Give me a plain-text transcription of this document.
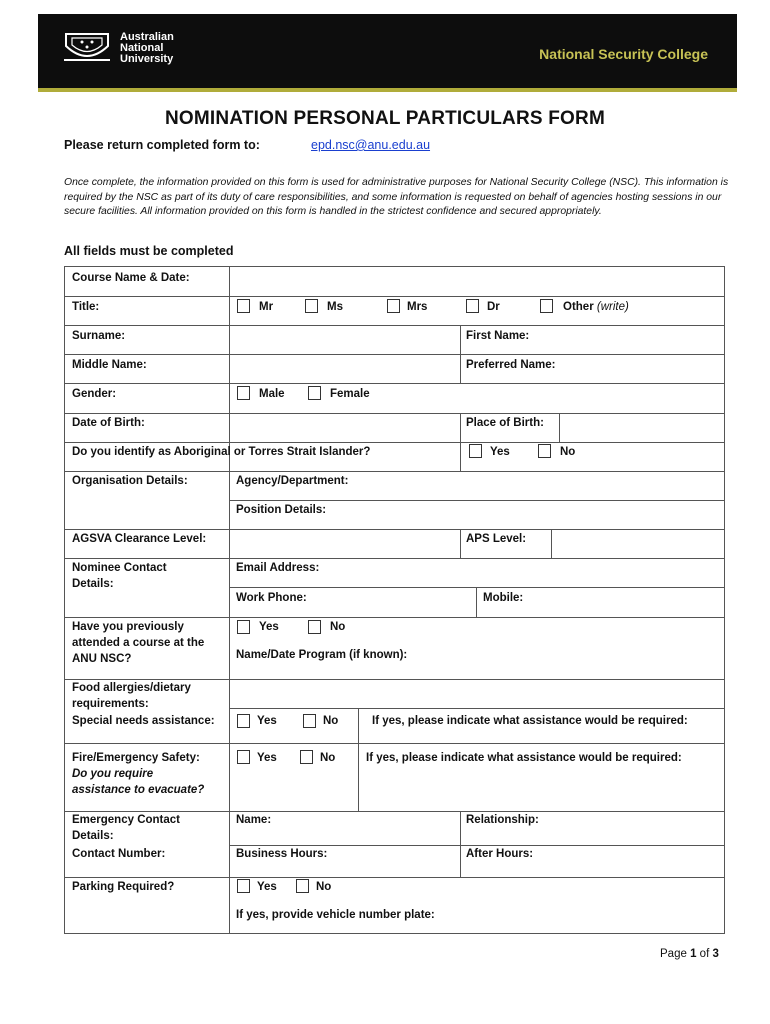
Australian
National
University	National Security College
NOMINATION PERSONAL PARTICULARS FORM
Please return completed form to:	epd.nsc@anu.edu.au
Once complete, the information provided on this form is used for administrative purposes for National Security College (NSC). This information is required by the NSC as part of its duty of care responsibilities, and some information is requested on behalf of agencies hosting sessions in our secure facilities. All information provided on this form is handled in the strictest confidence and secured appropriately.
All fields must be completed
Course Name & Date:
Title:	Mr	Ms	Mrs	Dr	Other (write)
Surname:	First Name:
Middle Name:	Preferred Name:
Gender:	Male	Female
Date of Birth:	Place of Birth:
Do you identify as Aboriginal or Torres Strait Islander?	Yes	No
Organisation Details:	Agency/Department:
Position Details:
AGSVA Clearance Level:	APS Level:
Nominee Contact
Details:
Email Address:
Work Phone:	Mobile:
Have you previously
attended a course at the
ANU NSC?
Yes	No
Name/Date Program (if known):
Food allergies/dietary
requirements:
Special needs assistance:	Yes	No	If yes, please indicate what assistance would be required:
Fire/Emergency Safety:
Do you require
assistance to evacuate?
Yes	No	If yes, please indicate what assistance would be required:
Emergency Contact
Details:
Name:	Relationship:
Contact Number:	Business Hours:	After Hours:
Parking Required?	Yes	No
If yes, provide vehicle number plate:
Page 1 of 3
